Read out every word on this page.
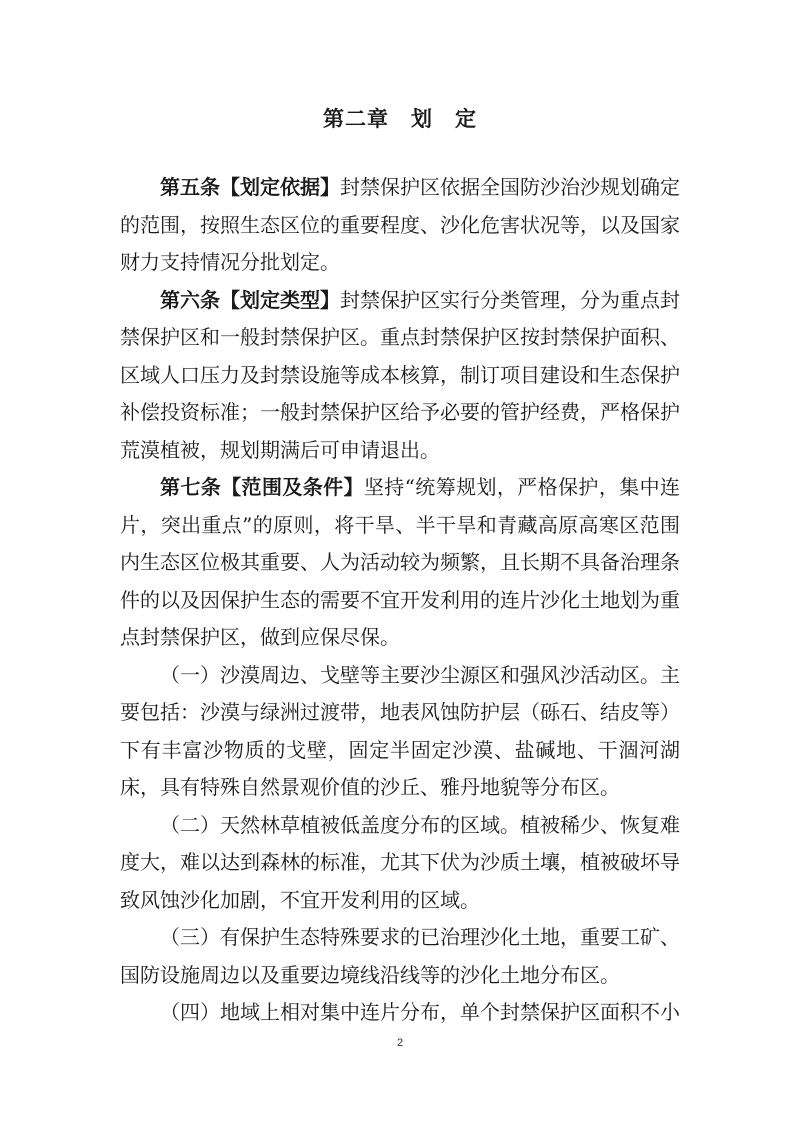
第二章　划　定

第五条【划定依据】封禁保护区依据全国防沙治沙规划确定的范围，按照生态区位的重要程度、沙化危害状况等，以及国家财力支持情况分批划定。

第六条【划定类型】封禁保护区实行分类管理，分为重点封禁保护区和一般封禁保护区。重点封禁保护区按封禁保护面积、区域人口压力及封禁设施等成本核算，制订项目建设和生态保护补偿投资标准；一般封禁保护区给予必要的管护经费，严格保护荒漠植被，规划期满后可申请退出。

第七条【范围及条件】坚持“统筹规划，严格保护，集中连片，突出重点”的原则，将干旱、半干旱和青藏高原高寒区范围内生态区位极其重要、人为活动较为频繁，且长期不具备治理条件的以及因保护生态的需要不宜开发利用的连片沙化土地划为重点封禁保护区，做到应保尽保。

（一）沙漠周边、戈壁等主要沙尘源区和强风沙活动区。主要包括：沙漠与绿洲过渡带，地表风蚀防护层（砾石、结皮等）下有丰富沙物质的戈壁，固定半固定沙漠、盐碱地、干涸河湖床，具有特殊自然景观价值的沙丘、雅丹地貌等分布区。

（二）天然林草植被低盖度分布的区域。植被稀少、恢复难度大，难以达到森林的标准，尤其下伏为沙质土壤，植被破坏导致风蚀沙化加剧，不宜开发利用的区域。

（三）有保护生态特殊要求的已治理沙化土地，重要工矿、国防设施周边以及重要边境线沿线等的沙化土地分布区。

（四）地域上相对集中连片分布，单个封禁保护区面积不小

2
